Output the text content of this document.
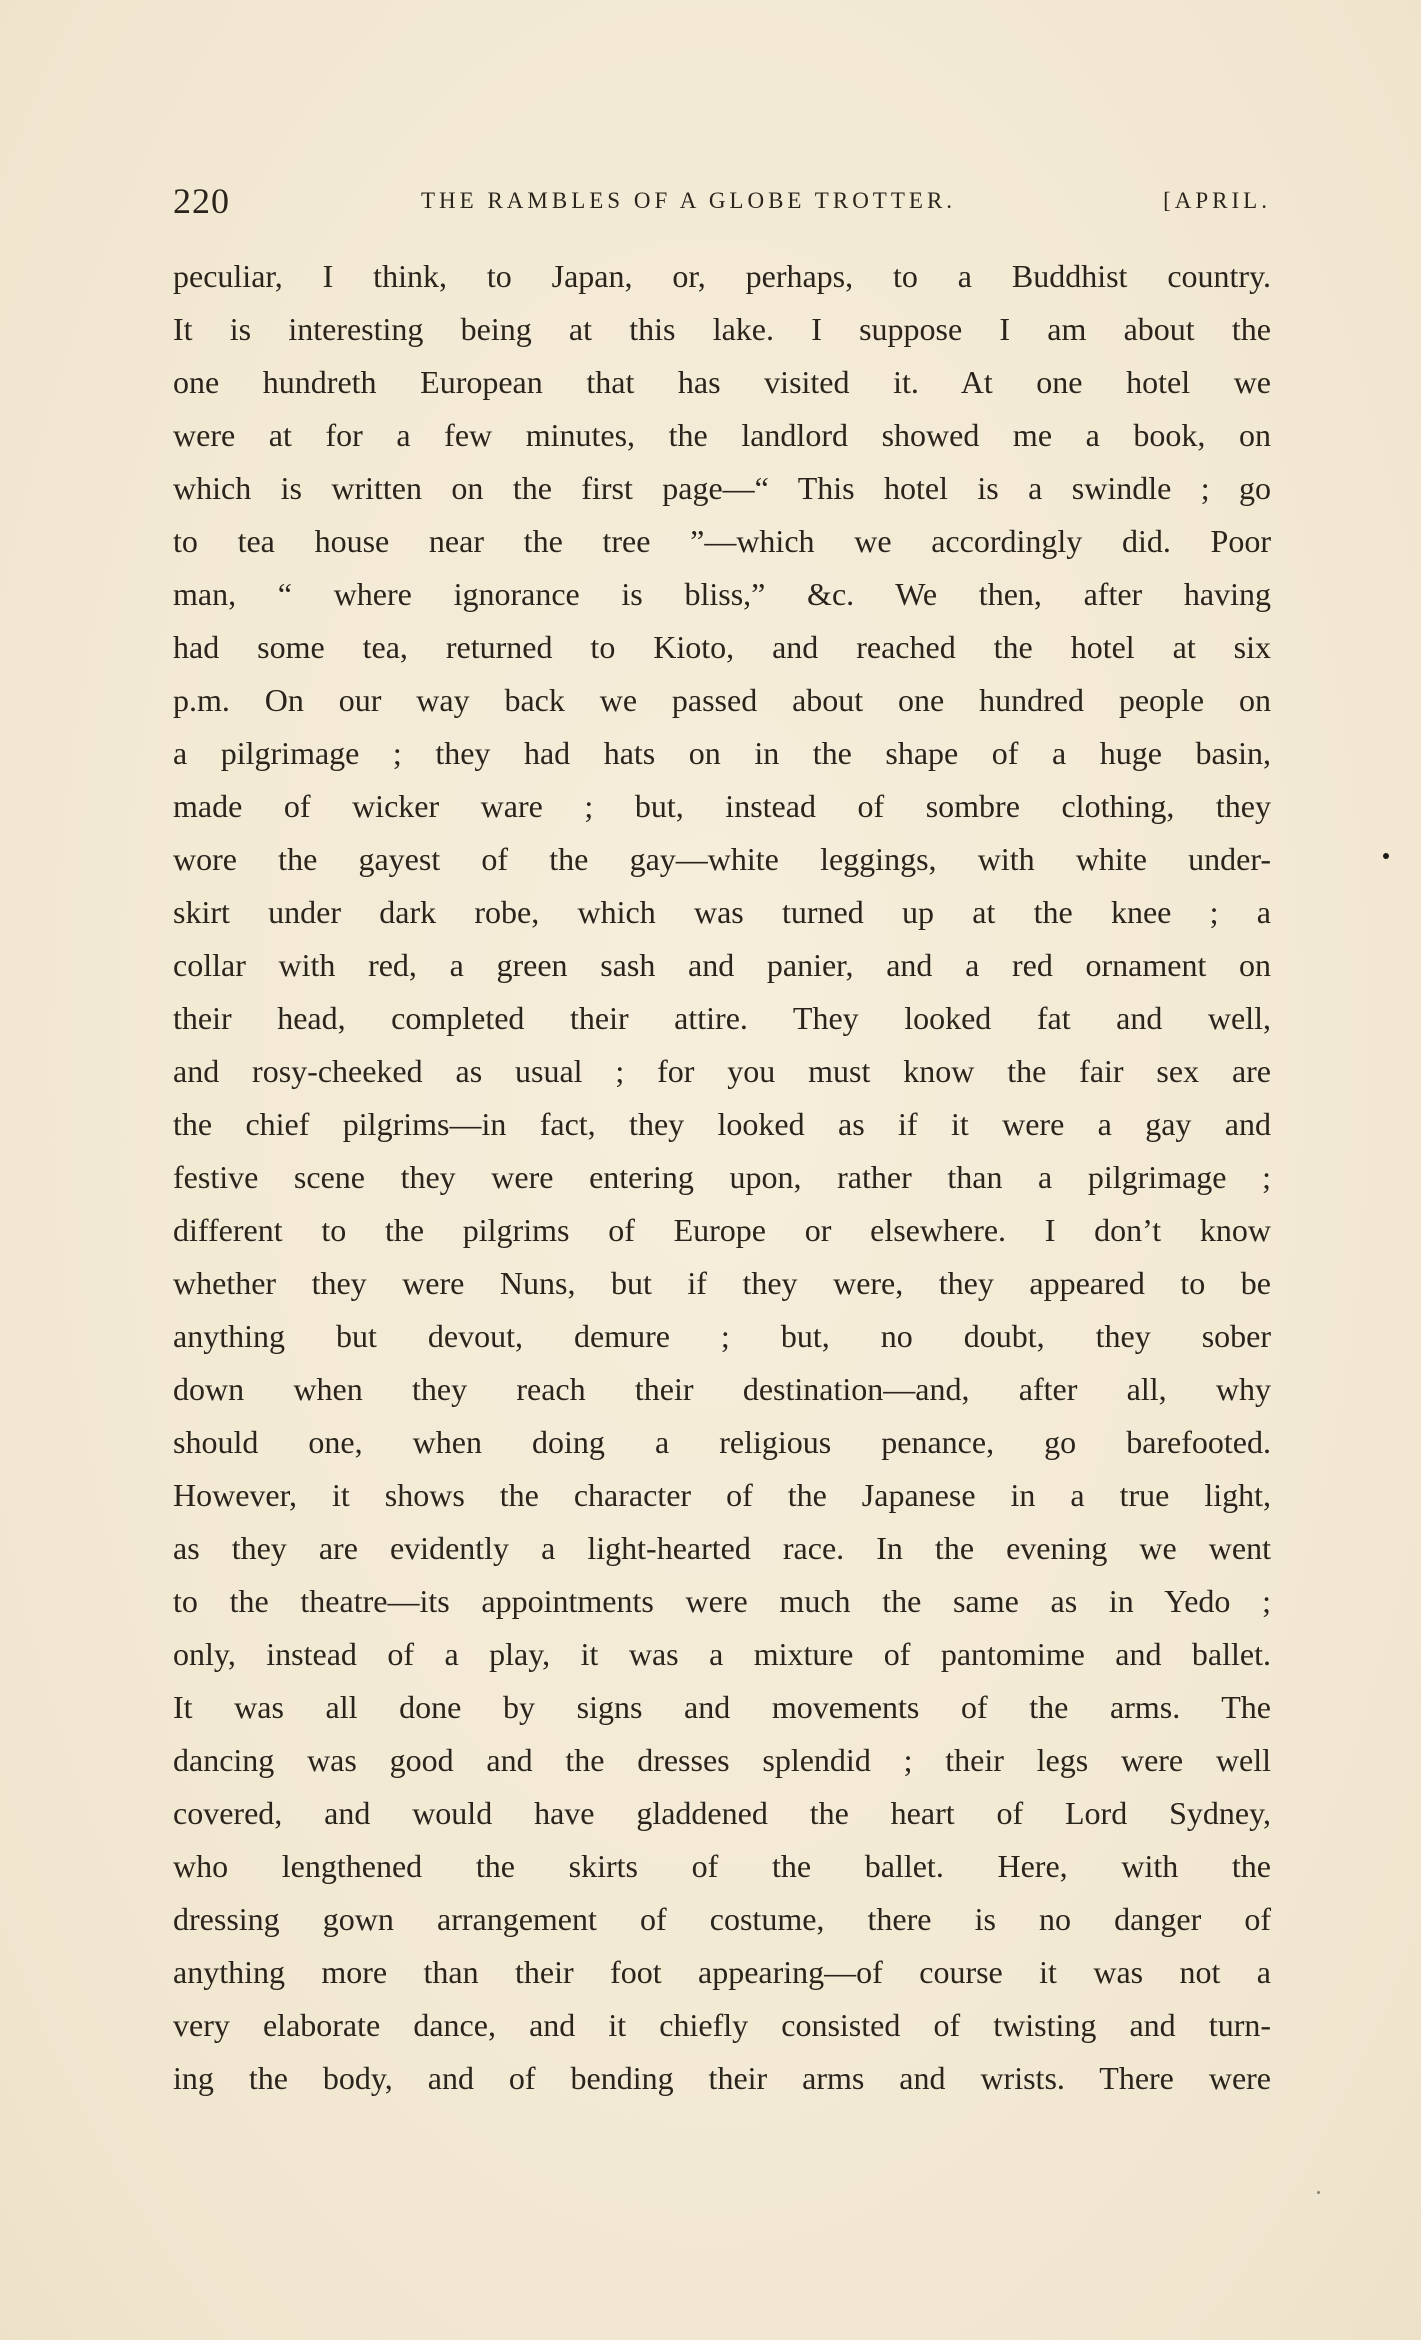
220	THE RAMBLES OF A GLOBE TROTTER.	[APRIL.

peculiar, I think, to Japan, or, perhaps, to a Buddhist country.
It is interesting being at this lake. I suppose I am about the
one hundreth European that has visited it. At one hotel we
were at for a few minutes, the landlord showed me a book, on
which is written on the first page—“ This hotel is a swindle ; go
to tea house near the tree ”—which we accordingly did. Poor
man, “ where ignorance is bliss,” &c. We then, after having
had some tea, returned to Kioto, and reached the hotel at six
p.m. On our way back we passed about one hundred people on
a pilgrimage ; they had hats on in the shape of a huge basin,
made of wicker ware ; but, instead of sombre clothing, they
wore the gayest of the gay—white leggings, with white under-
skirt under dark robe, which was turned up at the knee ; a
collar with red, a green sash and panier, and a red ornament on
their head, completed their attire. They looked fat and well,
and rosy-cheeked as usual ; for you must know the fair sex are
the chief pilgrims—in fact, they looked as if it were a gay and
festive scene they were entering upon, rather than a pilgrimage ;
different to the pilgrims of Europe or elsewhere. I don’t know
whether they were Nuns, but if they were, they appeared to be
anything but devout, demure ; but, no doubt, they sober
down when they reach their destination—and, after all, why
should one, when doing a religious penance, go barefooted.
However, it shows the character of the Japanese in a true light,
as they are evidently a light-hearted race. In the evening we went
to the theatre—its appointments were much the same as in Yedo ;
only, instead of a play, it was a mixture of pantomime and ballet.
It was all done by signs and movements of the arms. The
dancing was good and the dresses splendid ; their legs were well
covered, and would have gladdened the heart of Lord Sydney,
who lengthened the skirts of the ballet. Here, with the
dressing gown arrangement of costume, there is no danger of
anything more than their foot appearing—of course it was not a
very elaborate dance, and it chiefly consisted of twisting and turn-
ing the body, and of bending their arms and wrists. There were
